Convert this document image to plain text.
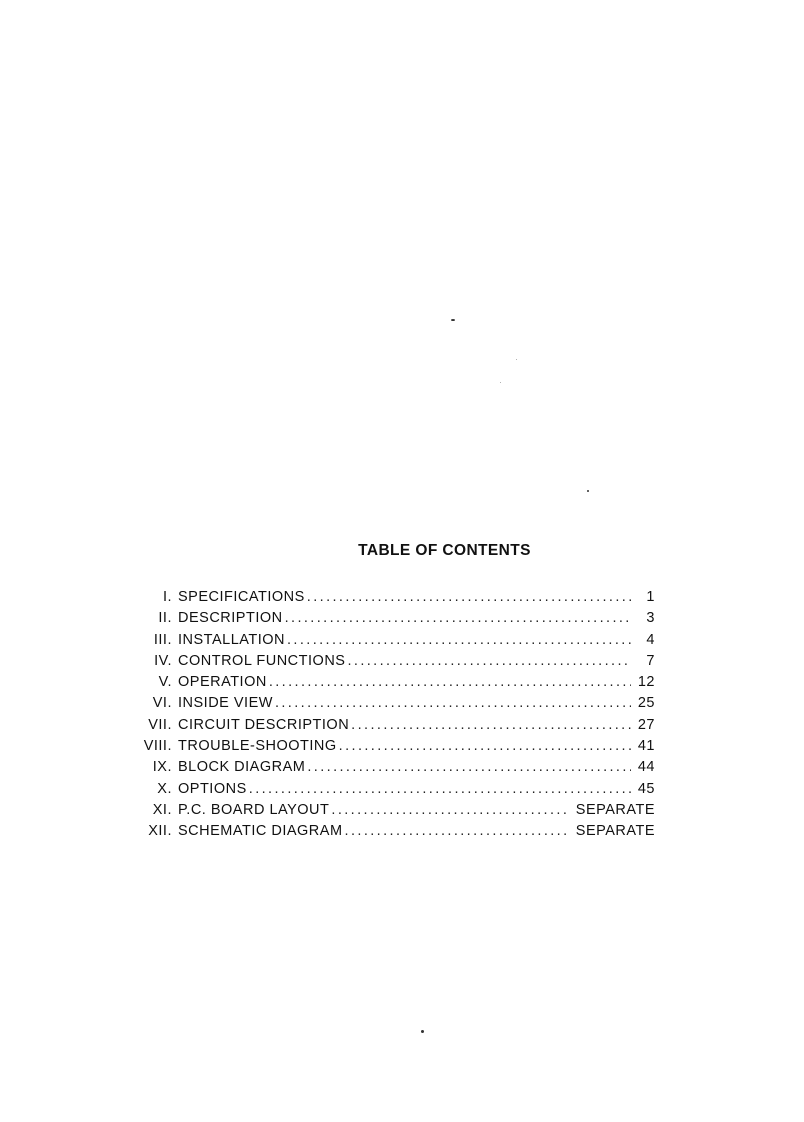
TABLE OF CONTENTS
I. SPECIFICATIONS .....	1
II. DESCRIPTION .....	3
III. INSTALLATION .....	4
IV. CONTROL FUNCTIONS .....	7
V. OPERATION .....	12
VI. INSIDE VIEW .....	25
VII. CIRCUIT DESCRIPTION .....	27
VIII. TROUBLE-SHOOTING .....	41
IX. BLOCK DIAGRAM .....	44
X. OPTIONS .....	45
XI. P.C. BOARD LAYOUT .....	SEPARATE
XII. SCHEMATIC DIAGRAM .....	SEPARATE
